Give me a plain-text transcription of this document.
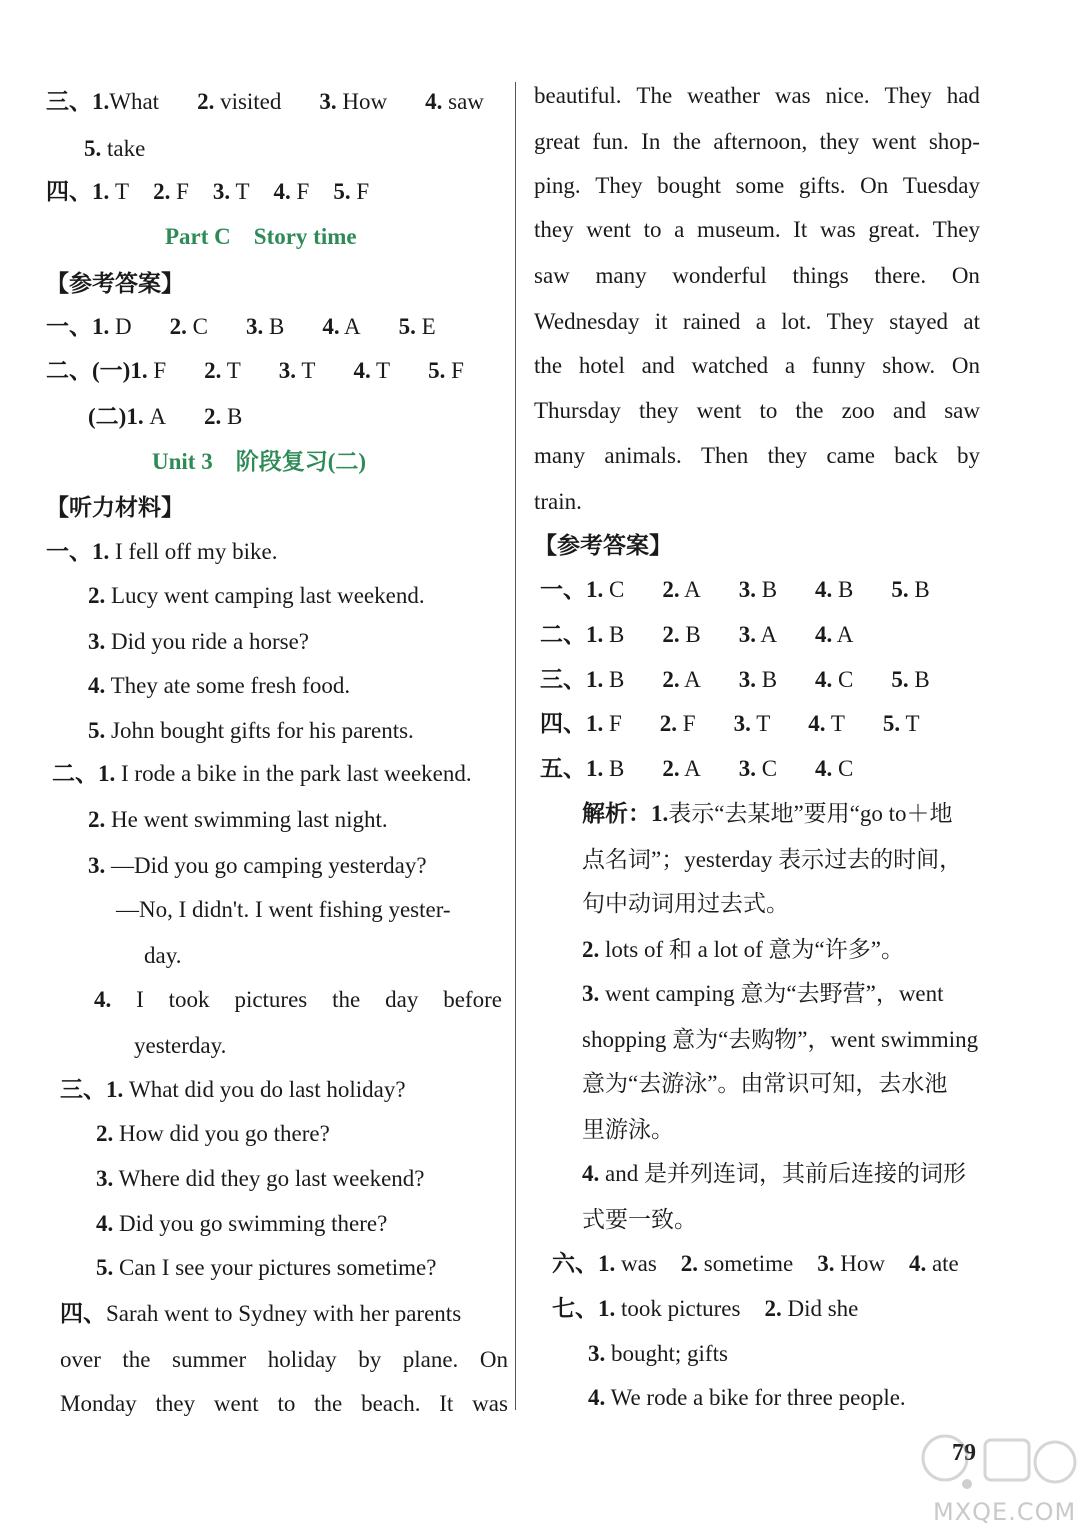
三、1.What 2. visited 3. How 4. saw
5. take
四、1. T 2. F 3. T 4. F 5. F
Part C　Story time
【参考答案】
一、1. D 2. C 3. B 4. A 5. E
二、(一)1. F 2. T 3. T 4. T 5. F
(二)1. A 2. B
Unit 3　阶段复习(二)
【听力材料】
一、1. I fell off my bike.
2. Lucy went camping last weekend.
3. Did you ride a horse?
4. They ate some fresh food.
5. John bought gifts for his parents.
二、1. I rode a bike in the park last weekend.
2. He went swimming last night.
3. —Did you go camping yesterday?
—No, I didn't. I went fishing yester-
day.
4. I took pictures the day before
yesterday.
三、1. What did you do last holiday?
2. How did you go there?
3. Where did they go last weekend?
4. Did you go swimming there?
5. Can I see your pictures sometime?
四、Sarah went to Sydney with her parents
over the summer holiday by plane. On
Monday they went to the beach. It was
beautiful. The weather was nice. They had
great fun. In the afternoon, they went shop-
ping. They bought some gifts. On Tuesday
they went to a museum. It was great. They
saw many wonderful things there. On
Wednesday it rained a lot. They stayed at
the hotel and watched a funny show. On
Thursday they went to the zoo and saw
many animals. Then they came back by
train.
【参考答案】
一、1. C 2. A 3. B 4. B 5. B
二、1. B 2. B 3. A 4. A
三、1. B 2. A 3. B 4. C 5. B
四、1. F 2. F 3. T 4. T 5. T
五、1. B 2. A 3. C 4. C
解析：1.表示“去某地”要用“go to＋地
点名词”；yesterday 表示过去的时间，
句中动词用过去式。
2. lots of 和 a lot of 意为“许多”。
3. went camping 意为“去野营”，went
shopping 意为“去购物”，went swimming
意为“去游泳”。由常识可知，去水池
里游泳。
4. and 是并列连词，其前后连接的词形
式要一致。
六、1. was 2. sometime 3. How 4. ate
七、1. took pictures 2. Did she
3. bought; gifts
4. We rode a bike for three people.
79
MXQE.COM
